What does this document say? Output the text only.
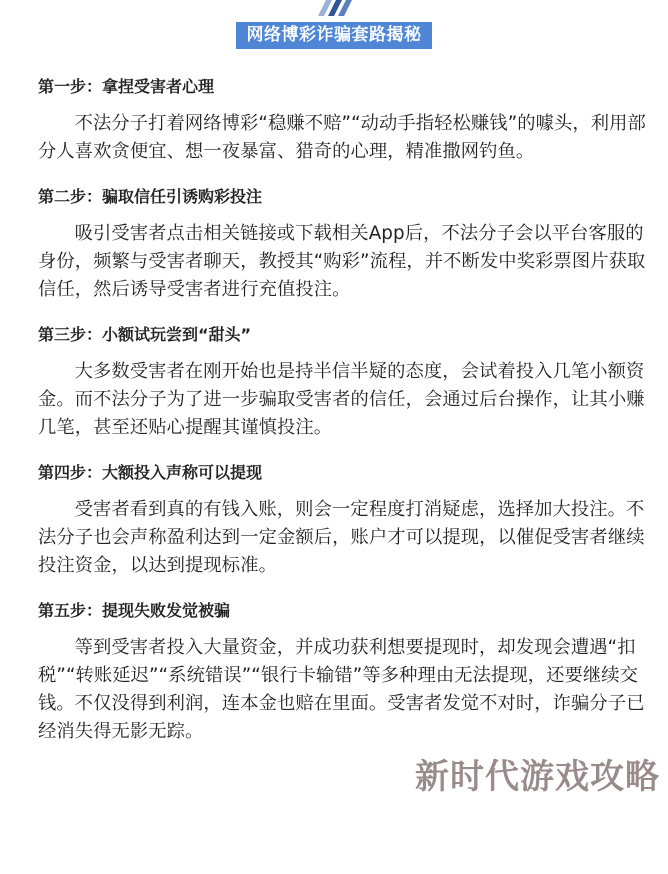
网络博彩诈骗套路揭秘
第一步：拿捏受害者心理

不法分子打着网络博彩“稳赚不赔”“动动手指轻松赚钱”的噱头，利用部分人喜欢贪便宜、想一夜暴富、猎奇的心理，精准撒网钓鱼。

第二步：骗取信任引诱购彩投注

吸引受害者点击相关链接或下载相关App后，不法分子会以平台客服的身份，频繁与受害者聊天，教授其“购彩”流程，并不断发中奖彩票图片获取信任，然后诱导受害者进行充值投注。

第三步：小额试玩尝到“甜头”

大多数受害者在刚开始也是持半信半疑的态度，会试着投入几笔小额资金。而不法分子为了进一步骗取受害者的信任，会通过后台操作，让其小赚几笔，甚至还贴心提醒其谨慎投注。

第四步：大额投入声称可以提现

受害者看到真的有钱入账，则会一定程度打消疑虑，选择加大投注。不法分子也会声称盈利达到一定金额后，账户才可以提现，以催促受害者继续投注资金，以达到提现标准。

第五步：提现失败发觉被骗

等到受害者投入大量资金，并成功获利想要提现时，却发现会遭遇“扣税”“转账延迟”“系统错误”“银行卡输错”等多种理由无法提现，还要继续交钱。不仅没得到利润，连本金也赔在里面。受害者发觉不对时，诈骗分子已经消失得无影无踪。

新时代游戏攻略
